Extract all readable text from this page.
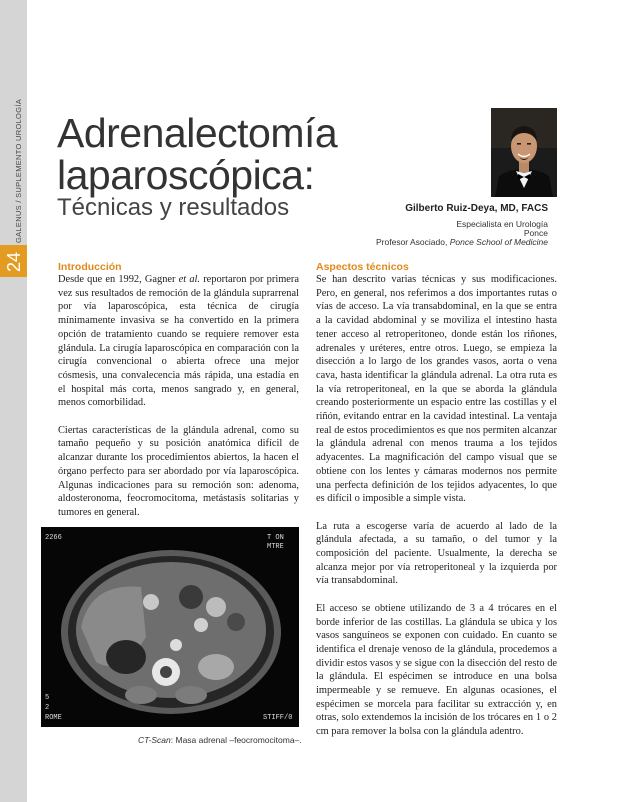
GALENUS / SUPLEMENTO UROLOGÍA
24
Adrenalectomía
laparoscópica:
Técnicas y resultados	Gilberto Ruiz-Deya, MD, FACS
Especialista en Urología
Ponce
Profesor Asociado, Ponce School of Medicine
Introducción	Aspectos técnicos

Desde que en 1992, Gagner et al. reportaron por primera vez sus resultados de remoción de la glándula suprarrenal por vía laparoscópica, esta técnica de cirugía mínimamente invasiva se ha convertido en la primera opción de tratamiento cuando se requiere remover esta glándula. La cirugía laparoscópica en comparación con la cirugía convencional o abierta ofrece una mejor cósmesis, una convalecencia más rápida, una estadía en el hospital más corta, menos sangrado y, en general, menos comorbilidad.

Ciertas características de la glándula adrenal, como su tamaño pequeño y su posición anatómica difícil de alcanzar durante los procedimientos abiertos, la hacen el órgano perfecto para ser abordado por vía laparoscópica. Algunas indicaciones para su remoción son: adenoma, aldosteronoma, feocromocitoma, metástasis solitarias y tumores en general.

Se han descrito varias técnicas y sus modificaciones. Pero, en general, nos referimos a dos importantes rutas o vías de acceso. La vía transabdominal, en la que se entra a la cavidad abdominal y se moviliza el intestino hasta tener acceso al retroperitoneo, donde están los riñones, adrenales y uréteres, entre otros. Luego, se empieza la disección a lo largo de los grandes vasos, aorta o vena cava, hasta identificar la glándula adrenal. La otra ruta es la vía retroperitoneal, en la que se aborda la glándula creando posteriormente un espacio entre las costillas y el riñón, evitando entrar en la cavidad intestinal. La ventaja real de estos procedimientos es que nos permiten alcanzar la glándula adrenal con menos trauma a los tejidos adyacentes. La magnificación del campo visual que se obtiene con los lentes y cámaras modernos nos permite una perfecta definición de los tejidos adyacentes, lo que es difícil o imposible a simple vista.

La ruta a escogerse varía de acuerdo al lado de la glándula afectada, a su tamaño, o del tumor y la composición del paciente. Usualmente, la derecha se alcanza mejor por vía retroperitoneal y la izquierda por vía transabdominal.

El acceso se obtiene utilizando de 3 a 4 trócares en el borde inferior de las costillas. La glándula se ubica y los vasos sanguíneos se exponen con cuidado. En cuanto se identifica el drenaje venoso de la glándula, procedemos a dividir estos vasos y se sigue con la disección del resto de la glándula. El espécimen se introduce en una bolsa impermeable y se remueve. En algunas ocasiones, el espécimen se morcela para facilitar su extracción y, en otras, solo extendemos la incisión de los trócares en 1 o 2 cm para remover la bolsa con la glándula adentro.

2266	T ON
MTRE
5
2
ROME	STIFF/0
CT-Scan: Masa adrenal –feocromocitoma–.
